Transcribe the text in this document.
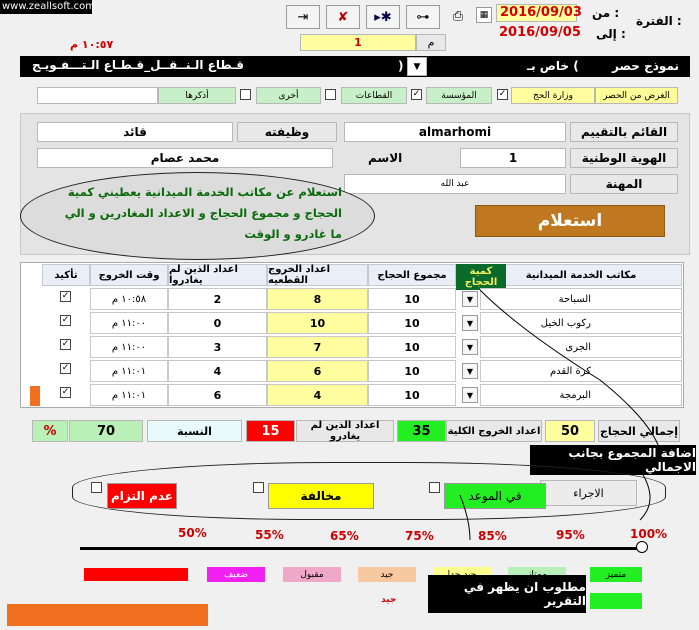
www.zeallsoft.com
⇥	✘	▸✱	⊶	⎙	▦ 2016/09/03 من :
الفترة :
2016/09/05 إلى :
1	م
١٠:٥٧ م
قـطاع الـنــقــل_قـطـاع الـتـــفـويـج	نموذج حصر
خاص بـ (
) ▼
الغرض من الحصر
وزارة الحج
✓
المؤسسة
✓
القطاعات
أخرى
أذكرها
القائم بالتقييم
almarhomi
وظيفته
قائد
الهوية الوطنية
1
الاسم
محمد عصام
المهنة
عبد الله
استعلام
استعلام عن مكاتب الخدمة الميدانية يعطيني كمية الحجاج و مجموع الحجاج و الاعداد المغادرين و الي ما غادرو و الوقت
مكاتب الخدمة الميدانية
كمية الحجاج
مجموع الحجاج
اعداد الخروج القطعيه
اعداد الذين لم يغادروا
وقت الخروج
تأكيد
السباحة
▼
10
8
2
١٠:٥٨ م
✓
ركوب الخيل
▼
10
10
0
١١:٠٠ م
✓
الجرى
▼
10
7
3
١١:٠٠ م
✓
كرة القدم
▼
10
6
4
١١:٠١ م
✓
البرمجة
▼
10
4
6
١١:٠١ م
✓
إجمالي الحجاج
50
اعداد الخروج الكلية
35
اعداد الذين لم يغادرو
15
النسبة
70
%
اضافة المجموع بجانب الاجمالي
الاجراء
في الموعد
مخالفة
عدم التزام
50%	55%	65%	75%	85%	95%	100%
ضعيف	مقبول	جيد	متميز
جيد
مطلوب ان يظهر في التقرير
